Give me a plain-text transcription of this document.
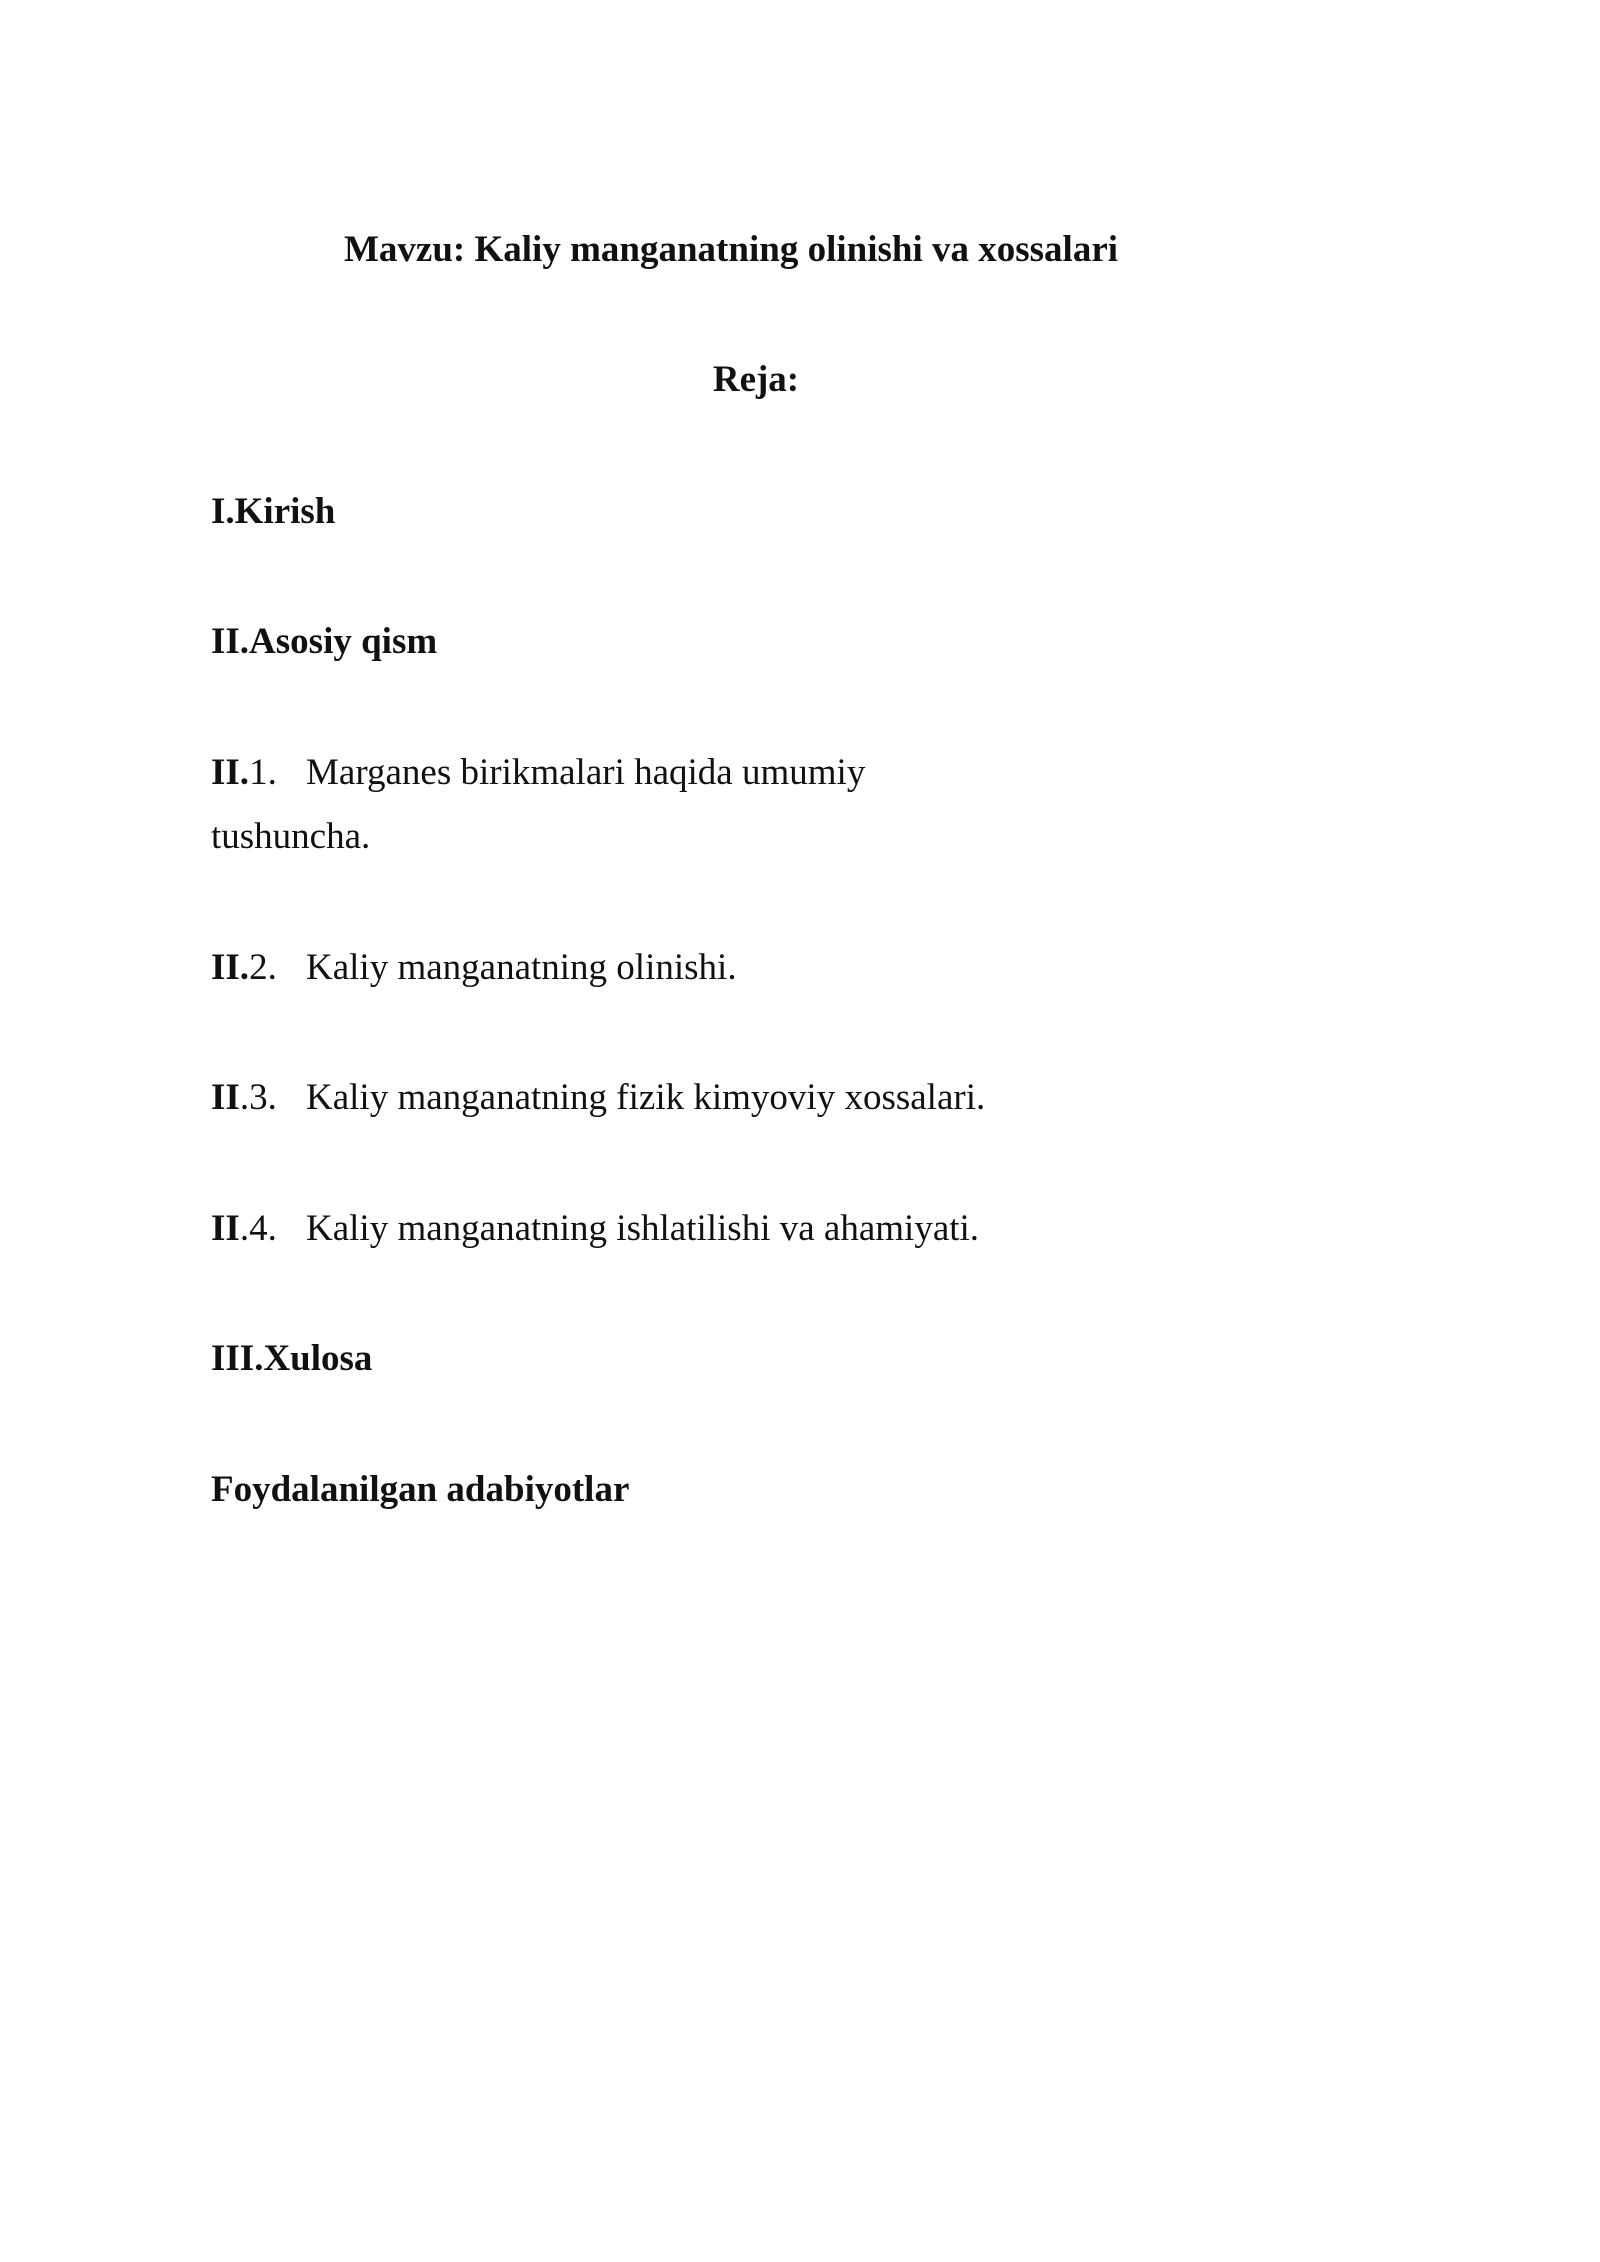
Mavzu: Kaliy manganatning olinishi va xossalari
Reja:
I.Kirish
II.Asosiy qism
II.1. Marganes birikmalari haqida umumiy
tushuncha.
II.2. Kaliy manganatning olinishi.
II.3. Kaliy manganatning fizik kimyoviy xossalari.
II.4. Kaliy manganatning ishlatilishi va ahamiyati.
III.Xulosa
Foydalanilgan adabiyotlar
